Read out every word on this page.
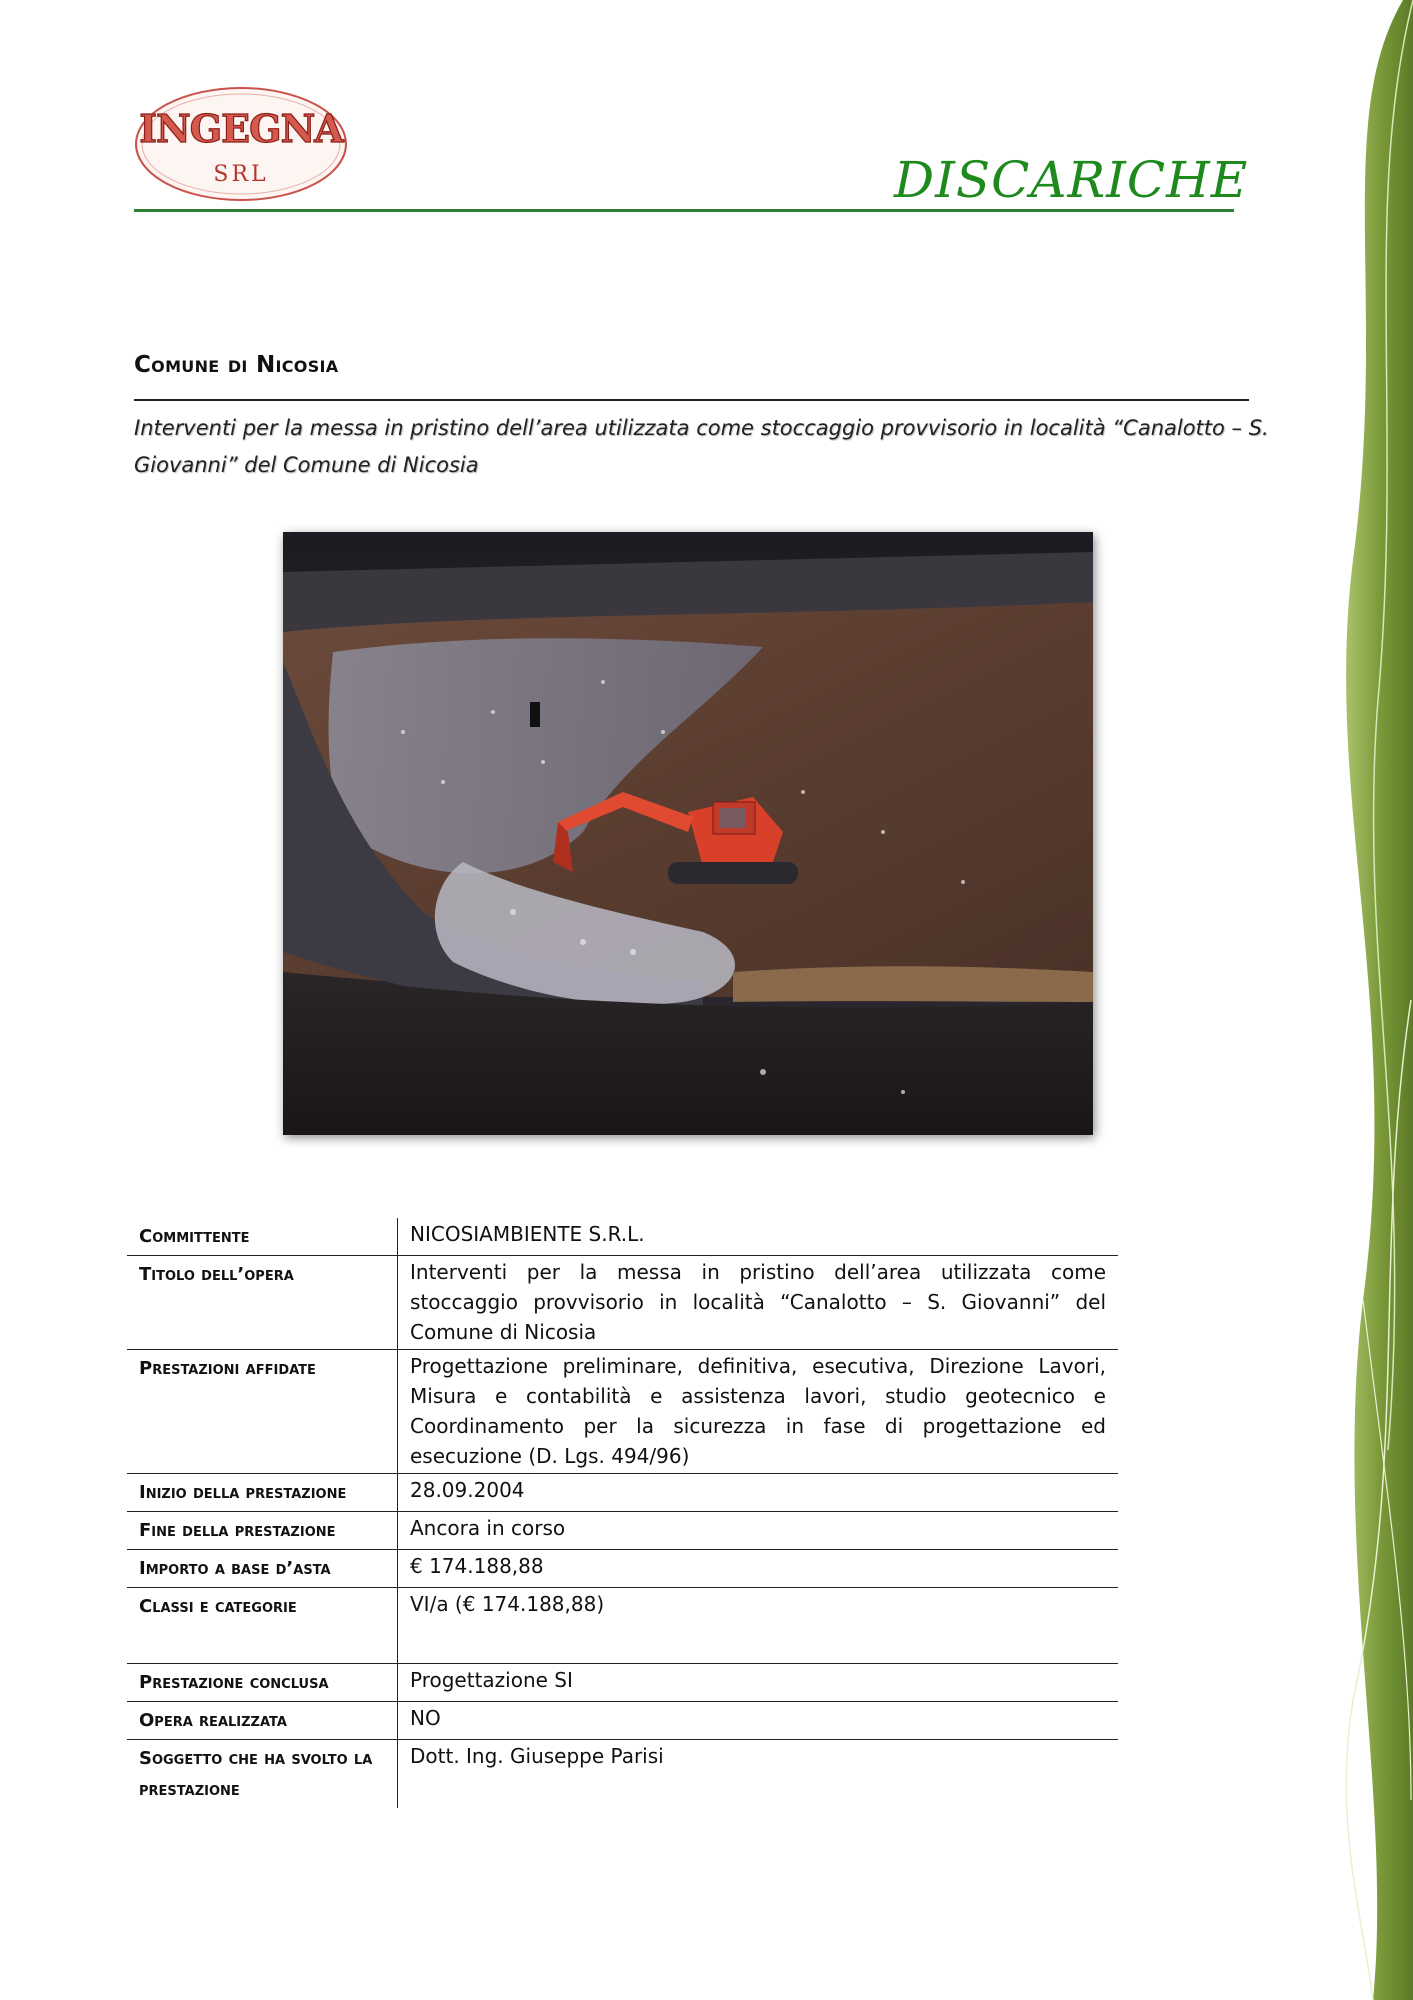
INGEGNA
SRL	DISCARICHE
Comune di Nicosia

Interventi per la messa in pristino dell’area utilizzata come stoccaggio provvisorio in località “Canalotto – S. Giovanni” del Comune di Nicosia

Committente	NICOSIAMBIENTE S.R.L.
Titolo dell’opera	Interventi per la messa in pristino dell’area utilizzata come stoccaggio provvisorio in località “Canalotto – S. Giovanni” del Comune di Nicosia
Prestazioni affidate	Progettazione preliminare, definitiva, esecutiva, Direzione Lavori, Misura e contabilità e assistenza lavori, studio geotecnico e Coordinamento per la sicurezza in fase di progettazione ed esecuzione (D. Lgs. 494/96)
Inizio della prestazione	28.09.2004
Fine della prestazione	Ancora in corso
Importo a base d’asta	€ 174.188,88
Classi e categorie	VI/a (€ 174.188,88)

Prestazione conclusa	Progettazione SI
Opera realizzata	NO
Soggetto che ha svolto la prestazione	Dott. Ing. Giuseppe Parisi
